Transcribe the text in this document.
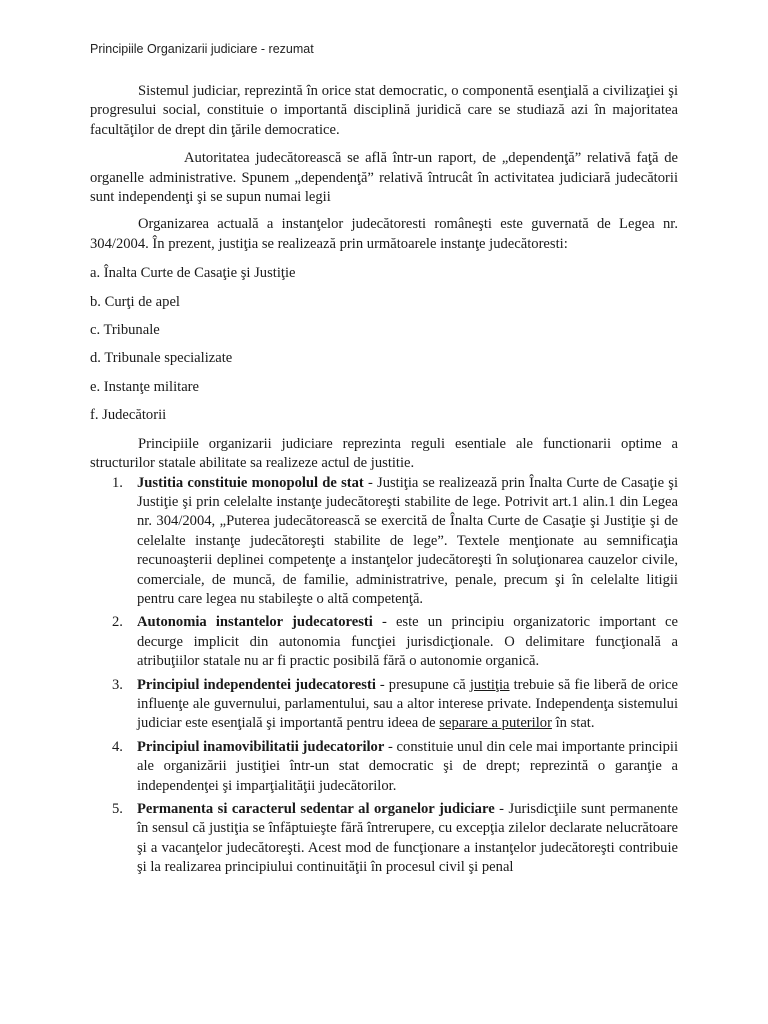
Principiile Organizarii judiciare - rezumat

Sistemul judiciar, reprezintă în orice stat democratic, o componentă esenţială a civilizaţiei şi progresului social, constituie o importantă disciplină juridică care se studiază azi în majoritatea facultăţilor de drept din ţările democratice.

Autoritatea judecătorească se află într-un raport, de „dependenţă” relativă faţă de organelle administrative. Spunem „dependenţă” relativă întrucât în activitatea judiciară judecătorii sunt independenţi şi se supun numai legii

Organizarea actuală a instanţelor judecătoresti româneşti este guvernată de Legea nr. 304/2004. În prezent, justiţia se realizează prin următoarele instanţe judecătoresti:

a. Înalta Curte de Casaţie şi Justiţie

b. Curţi de apel

c. Tribunale

d. Tribunale specializate

e. Instanţe militare

f. Judecătorii

Principiile organizarii judiciare reprezinta reguli esentiale ale functionarii optime a structurilor statale abilitate sa realizeze actul de justitie.

1. Justitia constituie monopolul de stat - Justiţia se realizează prin Înalta Curte de Casaţie şi Justiţie şi prin celelalte instanţe judecătoreşti stabilite de lege. Potrivit art.1 alin.1 din Legea nr. 304/2004, „Puterea judecătorească se exercită de Înalta Curte de Casaţie şi Justiţie şi de celelalte instanţe judecătoreşti stabilite de lege”. Textele menţionate au semnificaţia recunoaşterii deplinei competenţe a instanţelor judecătoreşti în soluţionarea cauzelor civile, comerciale, de muncă, de familie, administratrive, penale, precum şi în celelalte litigii pentru care legea nu stabileşte o altă competenţă.
2. Autonomia instantelor judecatoresti - este un principiu organizatoric important ce decurge implicit din autonomia funcţiei jurisdicţionale. O delimitare funcţională a atribuţiilor statale nu ar fi practic posibilă fără o autonomie organică.
3. Principiul independentei judecatoresti - presupune că justiţia trebuie să fie liberă de orice influenţe ale guvernului, parlamentului, sau a altor interese private. Independenţa sistemului judiciar este esenţială şi importantă pentru ideea de separare a puterilor în stat.
4. Principiul inamovibilitatii judecatorilor - constituie unul din cele mai importante principii ale organizării justiţiei într-un stat democratic şi de drept; reprezintă o garanţie a independenţei şi imparţialităţii judecătorilor.
5. Permanenta si caracterul sedentar al organelor judiciare - Jurisdicţiile sunt permanente în sensul că justiţia se înfăptuieşte fără întrerupere, cu excepţia zilelor declarate nelucrătoare şi a vacanţelor judecătoreşti. Acest mod de funcţionare a instanţelor judecătoreşti contribuie şi la realizarea principiului continuităţii în procesul civil şi penal
